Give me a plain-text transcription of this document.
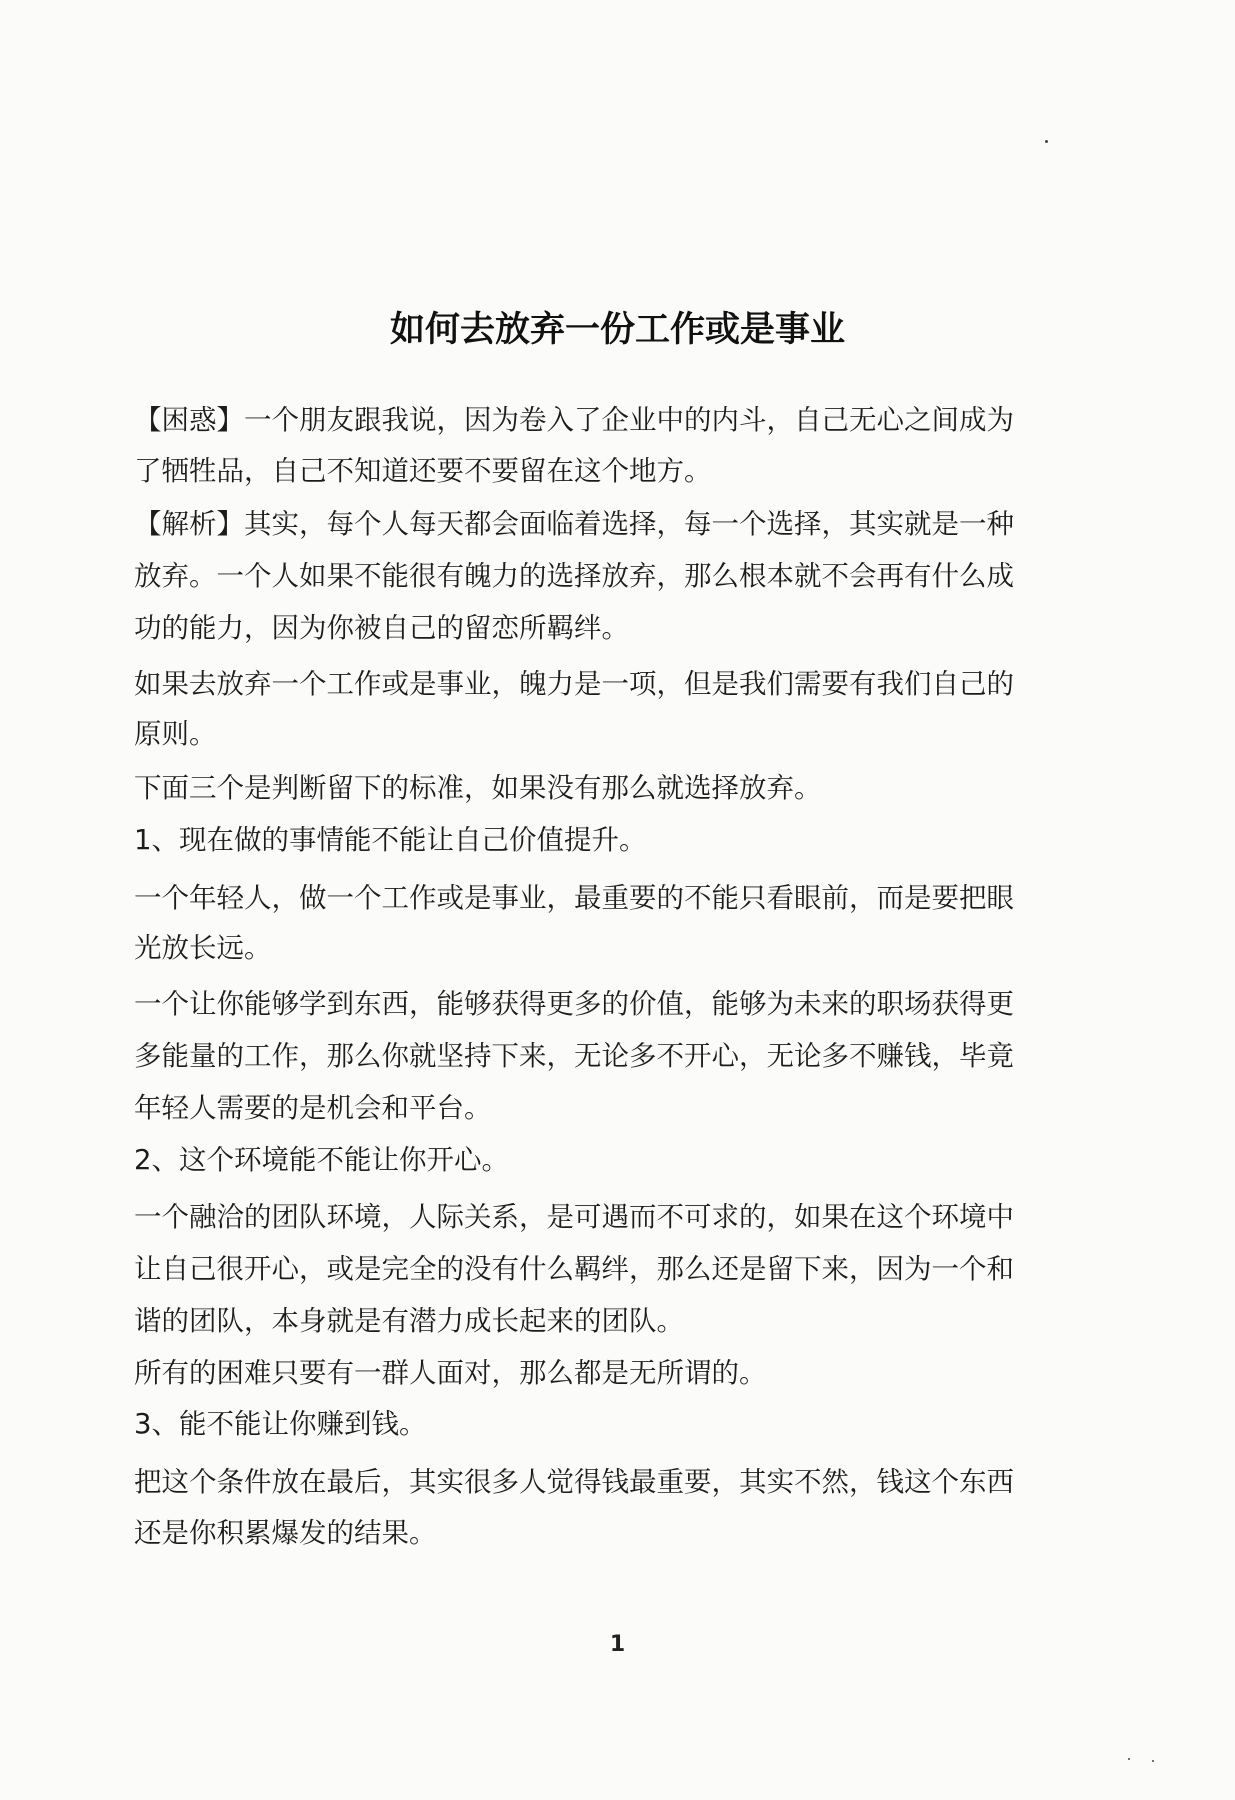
如何去放弃一份工作或是事业

【困惑】一个朋友跟我说，因为卷入了企业中的内斗，自己无心之间成为

了牺牲品，自己不知道还要不要留在这个地方。

【解析】其实，每个人每天都会面临着选择，每一个选择，其实就是一种

放弃。一个人如果不能很有魄力的选择放弃，那么根本就不会再有什么成

功的能力，因为你被自己的留恋所羁绊。

如果去放弃一个工作或是事业，魄力是一项，但是我们需要有我们自己的

原则。

下面三个是判断留下的标准，如果没有那么就选择放弃。

1、现在做的事情能不能让自己价值提升。

一个年轻人，做一个工作或是事业，最重要的不能只看眼前，而是要把眼

光放长远。

一个让你能够学到东西，能够获得更多的价值，能够为未来的职场获得更

多能量的工作，那么你就坚持下来，无论多不开心，无论多不赚钱，毕竟

年轻人需要的是机会和平台。

2、这个环境能不能让你开心。

一个融洽的团队环境，人际关系，是可遇而不可求的，如果在这个环境中

让自己很开心，或是完全的没有什么羁绊，那么还是留下来，因为一个和

谐的团队，本身就是有潜力成长起来的团队。

所有的困难只要有一群人面对，那么都是无所谓的。

3、能不能让你赚到钱。

把这个条件放在最后，其实很多人觉得钱最重要，其实不然，钱这个东西

还是你积累爆发的结果。

1
